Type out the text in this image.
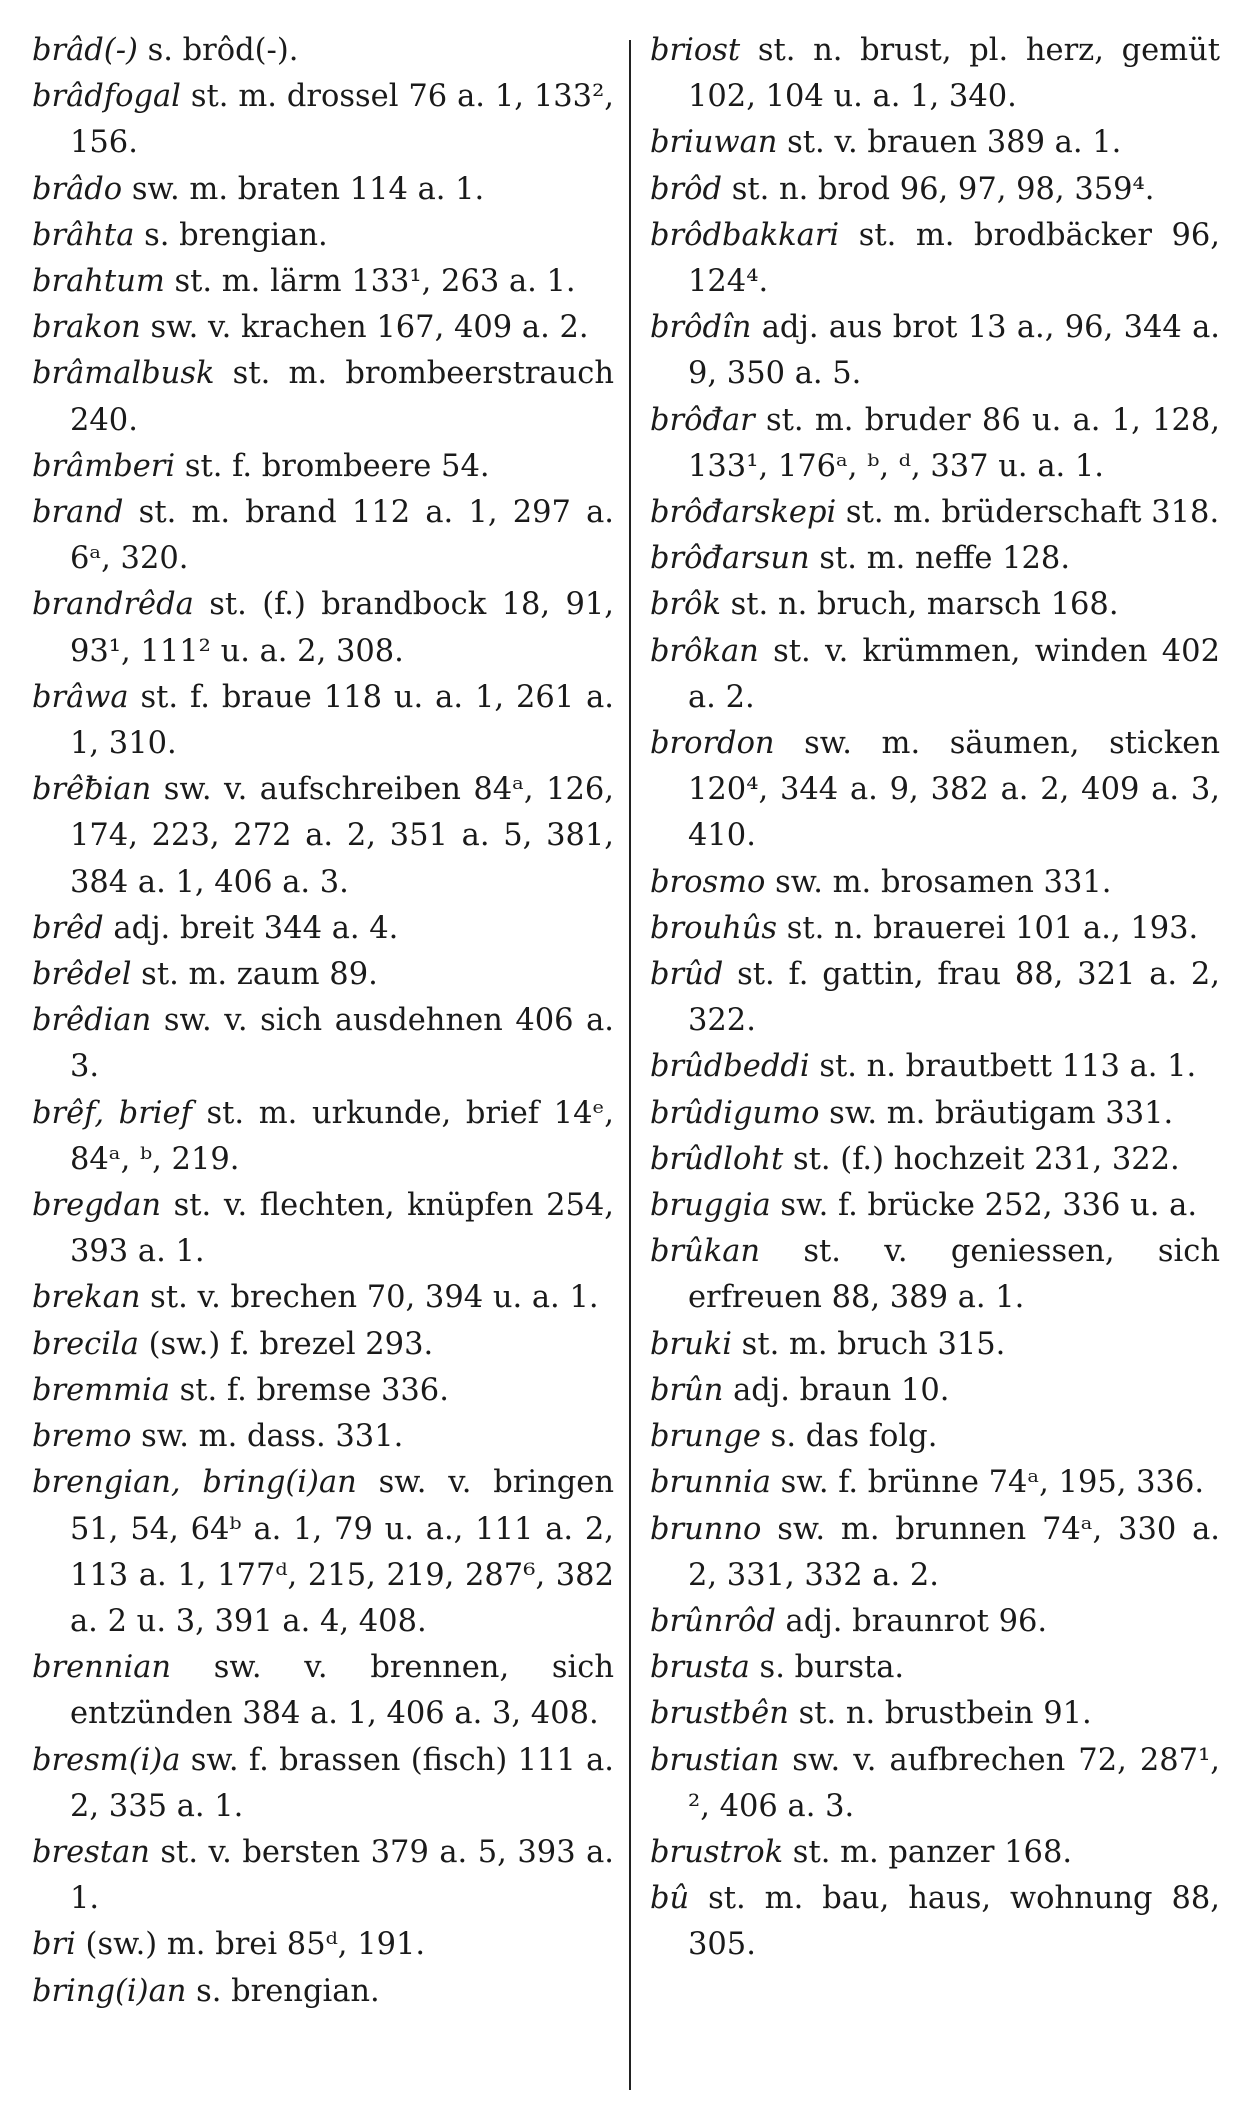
brâd(-) s. brôd(-).

brâdfogal st. m. drossel 76 a. 1, 133², 156.

brâdo sw. m. braten 114 a. 1.

brâhta s. brengian.

brahtum st. m. lärm 133¹, 263 a. 1.

brakon sw. v. krachen 167, 409 a. 2.

brâmalbusk st. m. brombeerstrauch 240.

brâmberi st. f. brombeere 54.

brand st. m. brand 112 a. 1, 297 a. 6ᵃ, 320.

brandrêda st. (f.) brandbock 18, 91, 93¹, 111² u. a. 2, 308.

brâwa st. f. braue 118 u. a. 1, 261 a. 1, 310.

brêƀian sw. v. aufschreiben 84ᵃ, 126, 174, 223, 272 a. 2, 351 a. 5, 381, 384 a. 1, 406 a. 3.

brêd adj. breit 344 a. 4.

brêdel st. m. zaum 89.

brêdian sw. v. sich ausdehnen 406 a. 3.

brêf, brief st. m. urkunde, brief 14ᵉ, 84ᵃ, ᵇ, 219.

bregdan st. v. flechten, knüpfen 254, 393 a. 1.

brekan st. v. brechen 70, 394 u. a. 1.

brecila (sw.) f. brezel 293.

bremmia st. f. bremse 336.

bremo sw. m. dass. 331.

brengian, bring(i)an sw. v. bringen 51, 54, 64ᵇ a. 1, 79 u. a., 111 a. 2, 113 a. 1, 177ᵈ, 215, 219, 287⁶, 382 a. 2 u. 3, 391 a. 4, 408.

brennian sw. v. brennen, sich entzünden 384 a. 1, 406 a. 3, 408.

bresm(i)a sw. f. brassen (fisch) 111 a. 2, 335 a. 1.

brestan st. v. bersten 379 a. 5, 393 a. 1.

bri (sw.) m. brei 85ᵈ, 191.

bring(i)an s. brengian.

briost st. n. brust, pl. herz, gemüt 102, 104 u. a. 1, 340.

briuwan st. v. brauen 389 a. 1.

brôd st. n. brod 96, 97, 98, 359⁴.

brôdbakkari st. m. brodbäcker 96, 124⁴.

brôdîn adj. aus brot 13 a., 96, 344 a. 9, 350 a. 5.

brôđar st. m. bruder 86 u. a. 1, 128, 133¹, 176ᵃ, ᵇ, ᵈ, 337 u. a. 1.

brôđarskepi st. m. brüderschaft 318.

brôđarsun st. m. neffe 128.

brôk st. n. bruch, marsch 168.

brôkan st. v. krümmen, winden 402 a. 2.

brordon sw. m. säumen, sticken 120⁴, 344 a. 9, 382 a. 2, 409 a. 3, 410.

brosmo sw. m. brosamen 331.

brouhûs st. n. brauerei 101 a., 193.

brûd st. f. gattin, frau 88, 321 a. 2, 322.

brûdbeddi st. n. brautbett 113 a. 1.

brûdigumo sw. m. bräutigam 331.

brûdloht st. (f.) hochzeit 231, 322.

bruggia sw. f. brücke 252, 336 u. a.

brûkan st. v. geniessen, sich erfreuen 88, 389 a. 1.

bruki st. m. bruch 315.

brûn adj. braun 10.

brunge s. das folg.

brunnia sw. f. brünne 74ᵃ, 195, 336.

brunno sw. m. brunnen 74ᵃ, 330 a. 2, 331, 332 a. 2.

brûnrôd adj. braunrot 96.

brusta s. bursta.

brustbên st. n. brustbein 91.

brustian sw. v. aufbrechen 72, 287¹, ², 406 a. 3.

brustrok st. m. panzer 168.

bû st. m. bau, haus, wohnung 88, 305.
